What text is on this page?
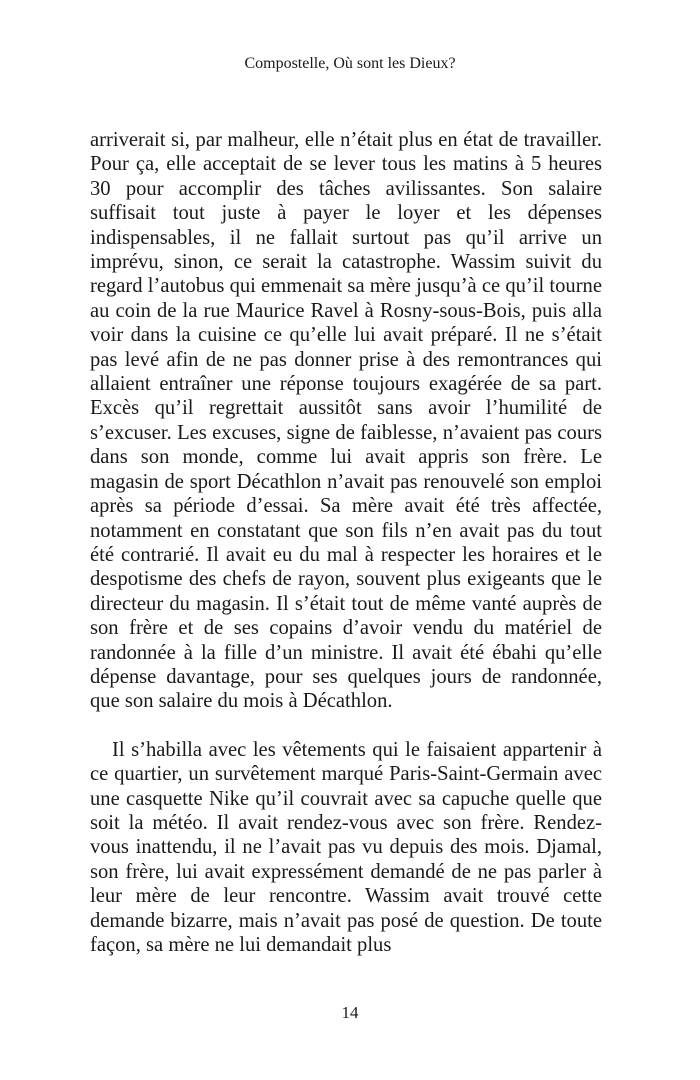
Compostelle, Où sont les Dieux?

arriverait si, par malheur, elle n’était plus en état de travailler. Pour ça, elle acceptait de se lever tous les matins à 5 heures 30 pour accomplir des tâches avilissantes. Son salaire suffisait tout juste à payer le loyer et les dépenses indispensables, il ne fallait surtout pas qu’il arrive un imprévu, sinon, ce serait la catastrophe. Wassim suivit du regard l’autobus qui emmenait sa mère jusqu’à ce qu’il tourne au coin de la rue Maurice Ravel à Rosny-sous-Bois, puis alla voir dans la cuisine ce qu’elle lui avait préparé. Il ne s’était pas levé afin de ne pas donner prise à des remontrances qui allaient entraîner une réponse toujours exagérée de sa part. Excès qu’il regrettait aussitôt sans avoir l’humilité de s’excuser. Les excuses, signe de faiblesse, n’avaient pas cours dans son monde, comme lui avait appris son frère. Le magasin de sport Décathlon n’avait pas renouvelé son emploi après sa période d’essai. Sa mère avait été très affectée, notamment en constatant que son fils n’en avait pas du tout été contrarié. Il avait eu du mal à respecter les horaires et le despotisme des chefs de rayon, souvent plus exigeants que le directeur du magasin. Il s’était tout de même vanté auprès de son frère et de ses copains d’avoir vendu du matériel de randonnée à la fille d’un ministre. Il avait été ébahi qu’elle dépense davantage, pour ses quelques jours de randonnée, que son salaire du mois à Décathlon.

Il s’habilla avec les vêtements qui le faisaient appartenir à ce quartier, un survêtement marqué Paris-Saint-Germain avec une casquette Nike qu’il couvrait avec sa capuche quelle que soit la météo. Il avait rendez-vous avec son frère. Rendez-vous inattendu, il ne l’avait pas vu depuis des mois. Djamal, son frère, lui avait expressément demandé de ne pas parler à leur mère de leur rencontre. Wassim avait trouvé cette demande bizarre, mais n’avait pas posé de question. De toute façon, sa mère ne lui demandait plus

14
